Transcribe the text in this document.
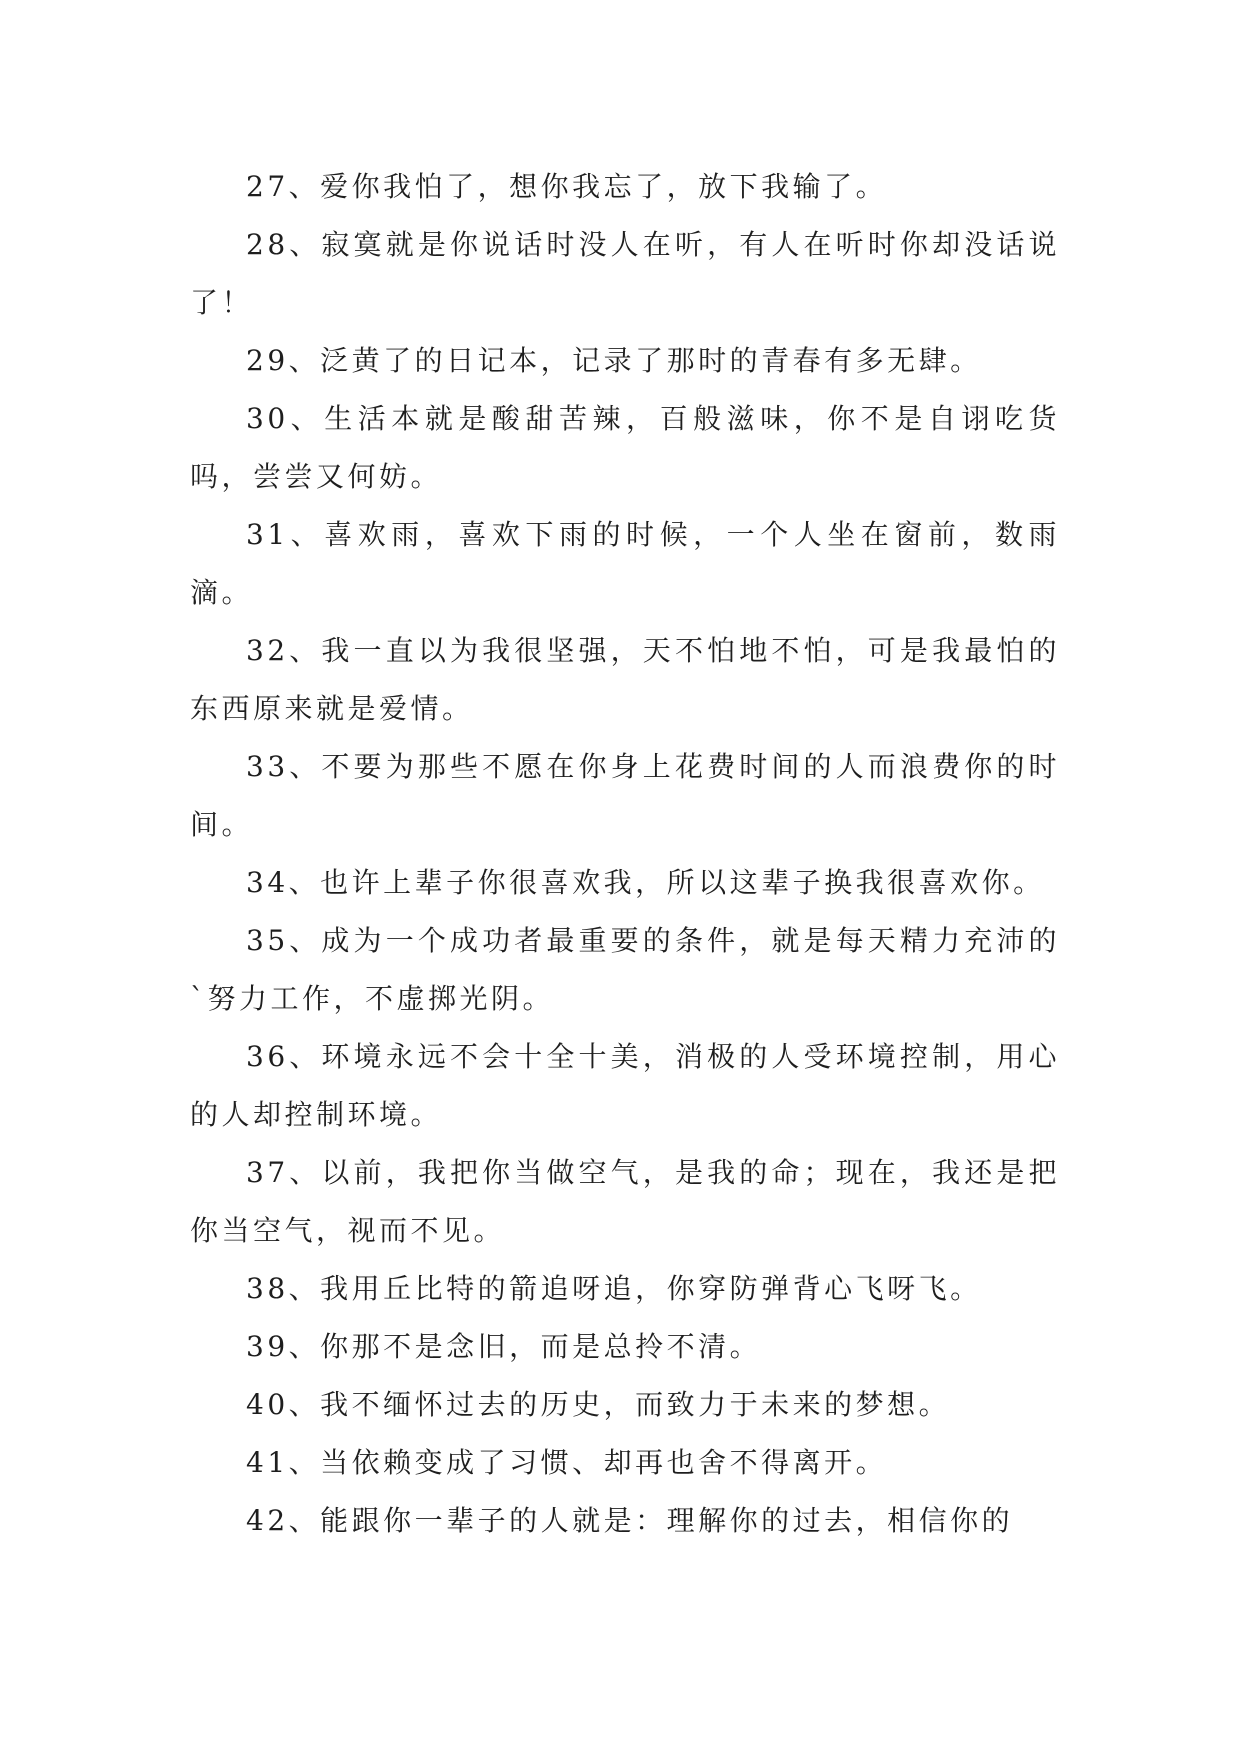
27、爱你我怕了，想你我忘了，放下我输了。

28、寂寞就是你说话时没人在听，有人在听时你却没话说了！

29、泛黄了的日记本，记录了那时的青春有多无肆。

30、生活本就是酸甜苦辣，百般滋味，你不是自诩吃货吗，尝尝又何妨。

31、喜欢雨，喜欢下雨的时候，一个人坐在窗前，数雨滴。

32、我一直以为我很坚强，天不怕地不怕，可是我最怕的东西原来就是爱情。

33、不要为那些不愿在你身上花费时间的人而浪费你的时间。

34、也许上辈子你很喜欢我，所以这辈子换我很喜欢你。

35、成为一个成功者最重要的条件，就是每天精力充沛的`努力工作，不虚掷光阴。

36、环境永远不会十全十美，消极的人受环境控制，用心的人却控制环境。

37、以前，我把你当做空气，是我的命；现在，我还是把你当空气，视而不见。

38、我用丘比特的箭追呀追，你穿防弹背心飞呀飞。

39、你那不是念旧，而是总拎不清。

40、我不缅怀过去的历史，而致力于未来的梦想。

41、当依赖变成了习惯、却再也舍不得离开。

42、能跟你一辈子的人就是：理解你的过去，相信你的
